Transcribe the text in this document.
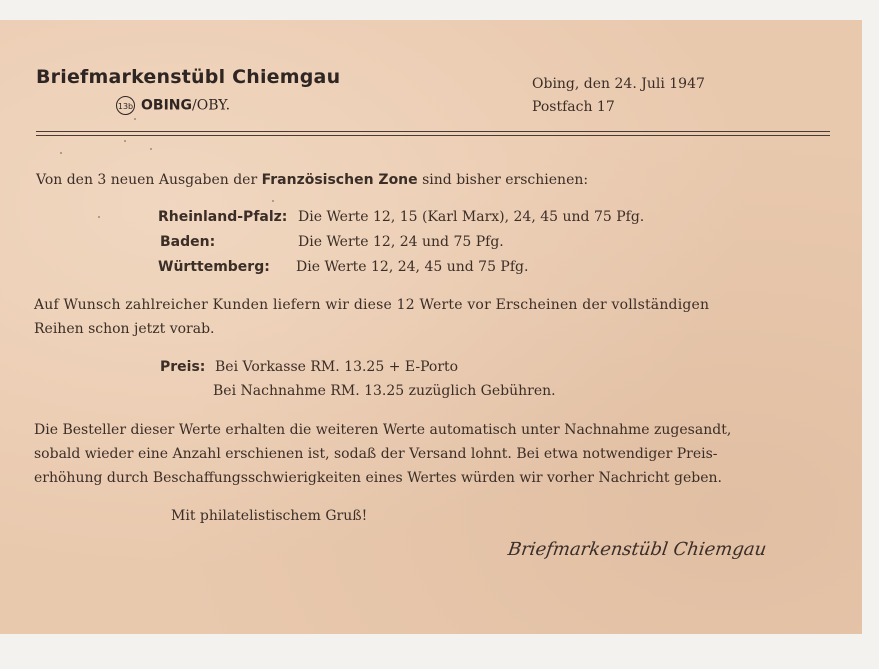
Briefmarkenstübl Chiemgau
13b OBING/OBY.
Obing, den 24. Juli 1947
Postfach 17
Von den 3 neuen Ausgaben der Französischen Zone sind bisher erschienen:
Rheinland-Pfalz: Die Werte 12, 15 (Karl Marx), 24, 45 und 75 Pfg.
Baden:	Die Werte 12, 24 und 75 Pfg.
Württemberg: Die Werte 12, 24, 45 und 75 Pfg.
Auf Wunsch zahlreicher Kunden liefern wir diese 12 Werte vor Erscheinen der vollständigen
Reihen schon jetzt vorab.
Preis: Bei Vorkasse RM. 13.25 + E-Porto
Bei Nachnahme RM. 13.25 zuzüglich Gebühren.
Die Besteller dieser Werte erhalten die weiteren Werte automatisch unter Nachnahme zugesandt,
sobald wieder eine Anzahl erschienen ist, sodaß der Versand lohnt. Bei etwa notwendiger Preis-
erhöhung durch Beschaffungsschwierigkeiten eines Wertes würden wir vorher Nachricht geben.
Mit philatelistischem Gruß!
Briefmarkenstübl Chiemgau
